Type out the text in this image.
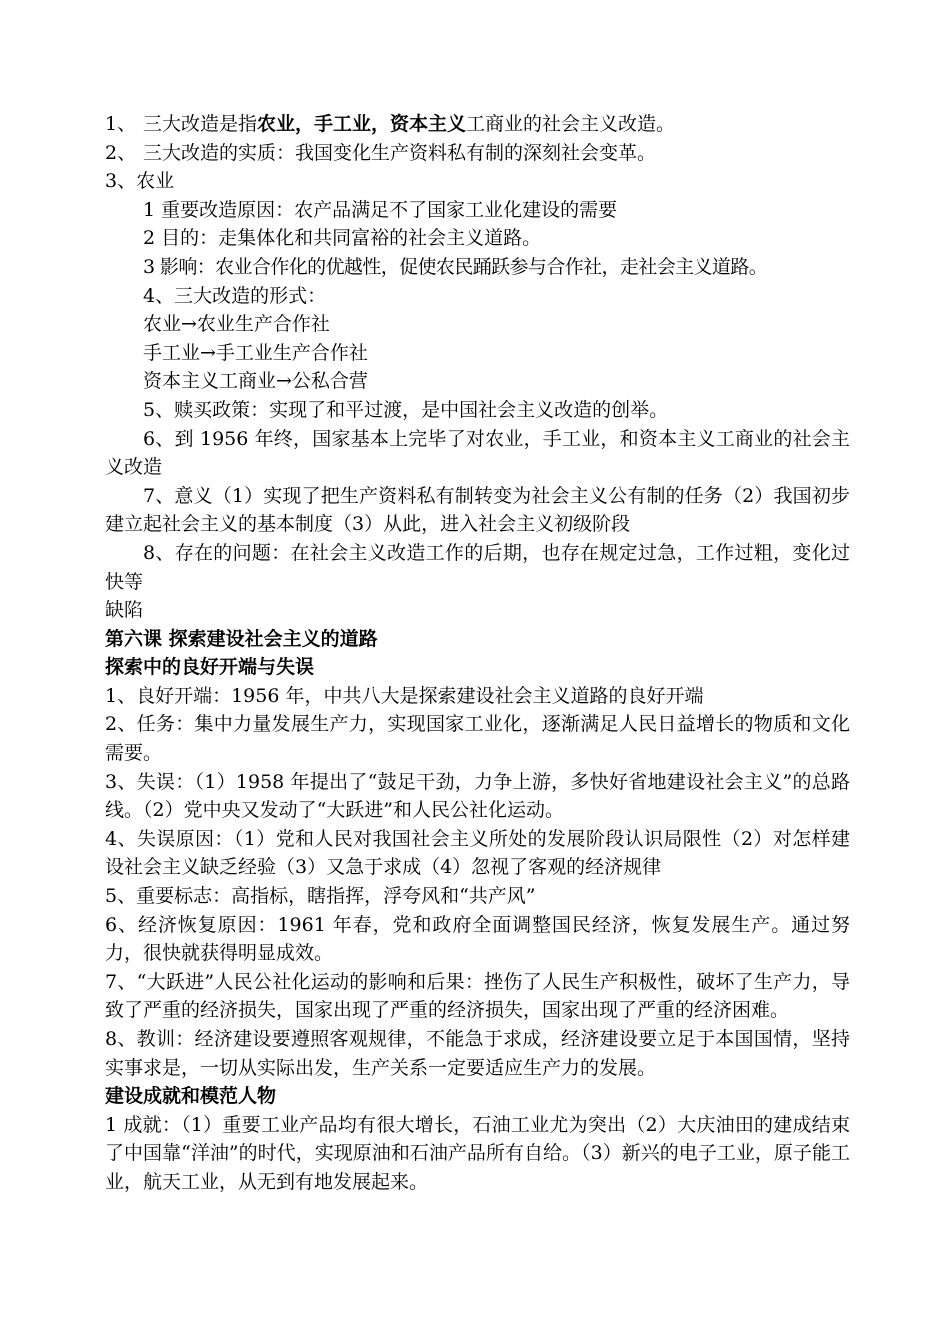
1、 三大改造是指农业，手工业，资本主义工商业的社会主义改造。

2、 三大改造的实质：我国变化生产资料私有制的深刻社会变革。

3、农业

1 重要改造原因：农产品满足不了国家工业化建设的需要

2 目的：走集体化和共同富裕的社会主义道路。

3 影响：农业合作化的优越性，促使农民踊跃参与合作社，走社会主义道路。

4、三大改造的形式：

农业→农业生产合作社

手工业→手工业生产合作社

资本主义工商业→公私合营

5、赎买政策：实现了和平过渡，是中国社会主义改造的创举。

6、到 1956 年终，国家基本上完毕了对农业，手工业，和资本主义工商业的社会主义改造

7、意义（1）实现了把生产资料私有制转变为社会主义公有制的任务（2）我国初步建立起社会主义的基本制度（3）从此，进入社会主义初级阶段

8、存在的问题：在社会主义改造工作的后期，也存在规定过急，工作过粗，变化过快等

缺陷

第六课 探索建设社会主义的道路

探索中的良好开端与失误

1、良好开端：1956 年，中共八大是探索建设社会主义道路的良好开端

2、任务：集中力量发展生产力，实现国家工业化，逐渐满足人民日益增长的物质和文化需要。

3、失误：（1）1958 年提出了“鼓足干劲，力争上游，多快好省地建设社会主义”的总路线。（2）党中央又发动了“大跃进”和人民公社化运动。

4、失误原因：（1）党和人民对我国社会主义所处的发展阶段认识局限性（2）对怎样建设社会主义缺乏经验（3）又急于求成（4）忽视了客观的经济规律

5、重要标志：高指标，瞎指挥，浮夸风和“共产风”

6、经济恢复原因：1961 年春，党和政府全面调整国民经济，恢复发展生产。通过努力，很快就获得明显成效。

7、“大跃进”人民公社化运动的影响和后果：挫伤了人民生产积极性，破坏了生产力，导致了严重的经济损失，国家出现了严重的经济损失，国家出现了严重的经济困难。

8、教训：经济建设要遵照客观规律，不能急于求成，经济建设要立足于本国国情，坚持实事求是，一切从实际出发，生产关系一定要适应生产力的发展。

建设成就和模范人物

1 成就：（1）重要工业产品均有很大增长，石油工业尤为突出（2）大庆油田的建成结束了中国靠“洋油”的时代，实现原油和石油产品所有自给。（3）新兴的电子工业，原子能工业，航天工业，从无到有地发展起来。
